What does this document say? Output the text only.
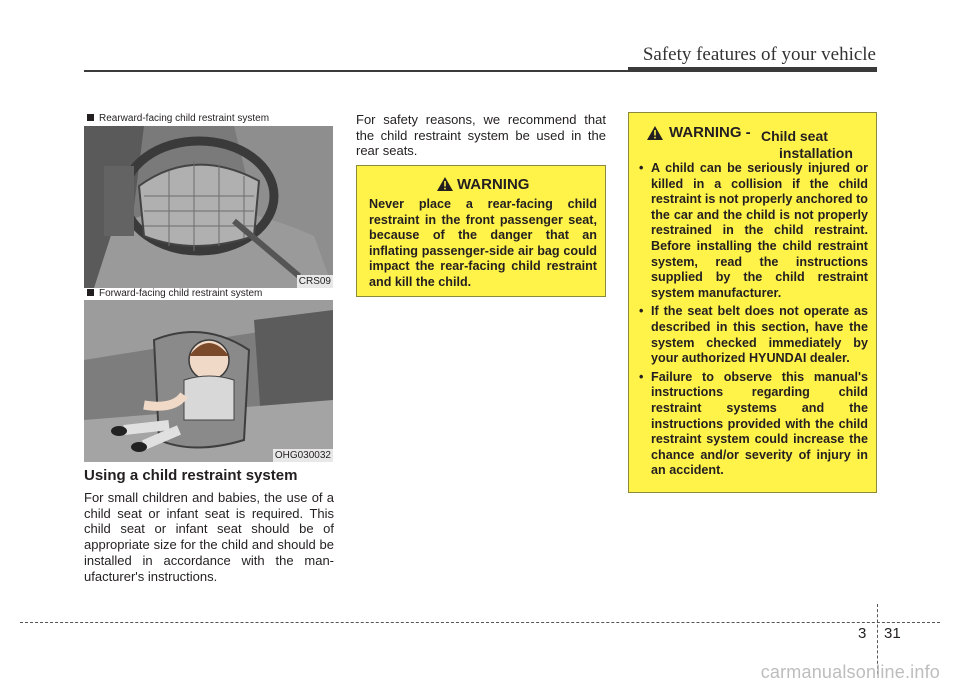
Safety features of your vehicle
Rearward-facing child restraint system
CRS09
Forward-facing child restraint system
OHG030032
Using a child restraint system
For small children and babies, the use of a child seat or infant seat is required. This child seat or infant seat should be of appropriate size for the child and should be installed in accordance with the man-ufacturer's instructions.
For safety reasons, we recommend that the child restraint system be used in the rear seats.
WARNING
Never place a rear-facing child restraint in the front passenger seat, because of the danger that an inflating passenger-side air bag could impact the rear-facing child restraint and kill the child.
WARNING - Child seat
installation
• A child can be seriously injured or killed in a collision if the child restraint is not properly anchored to the car and the child is not properly restrained in the child restraint. Before installing the child restraint system, read the instructions supplied by the child restraint system manufacturer.
• If the seat belt does not operate as described in this section, have the system checked immediately by your authorized HYUNDAI dealer.
• Failure to observe this manual's instructions regarding child restraint systems and the instructions provided with the child restraint system could increase the chance and/or severity of injury in an accident.
3 31
carmanualsonline.info
